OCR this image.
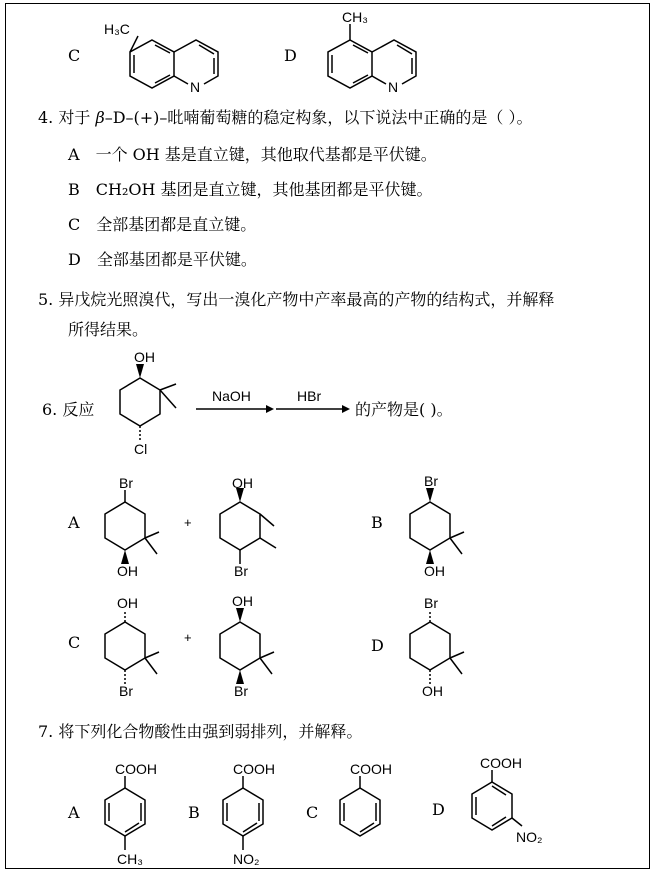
C
H₃C
N
D
CH₃
N
4. 对于 β–D–(+)–吡喃葡萄糖的稳定构象，以下说法中正确的是（ ）。
A 一个 OH 基是直立键，其他取代基都是平伏键。
B CH₂OH 基团是直立键，其他基团都是平伏键。
C 全部基团都是直立键。
D 全部基团都是平伏键。
5. 异戊烷光照溴代，写出一溴化产物中产率最高的产物的结构式，并解释
所得结果。
6. 反应
OH
Cl
NaOH	HBr
的产物是( )。
A
Br
OH
+
OH
Br
B
Br
OH
C
OH
Br
+
OH
Br
D
Br
OH
7. 将下列化合物酸性由强到弱排列，并解释。
A
COOH
CH₃
B
COOH
NO₂
C
COOH
D
COOH
NO₂
